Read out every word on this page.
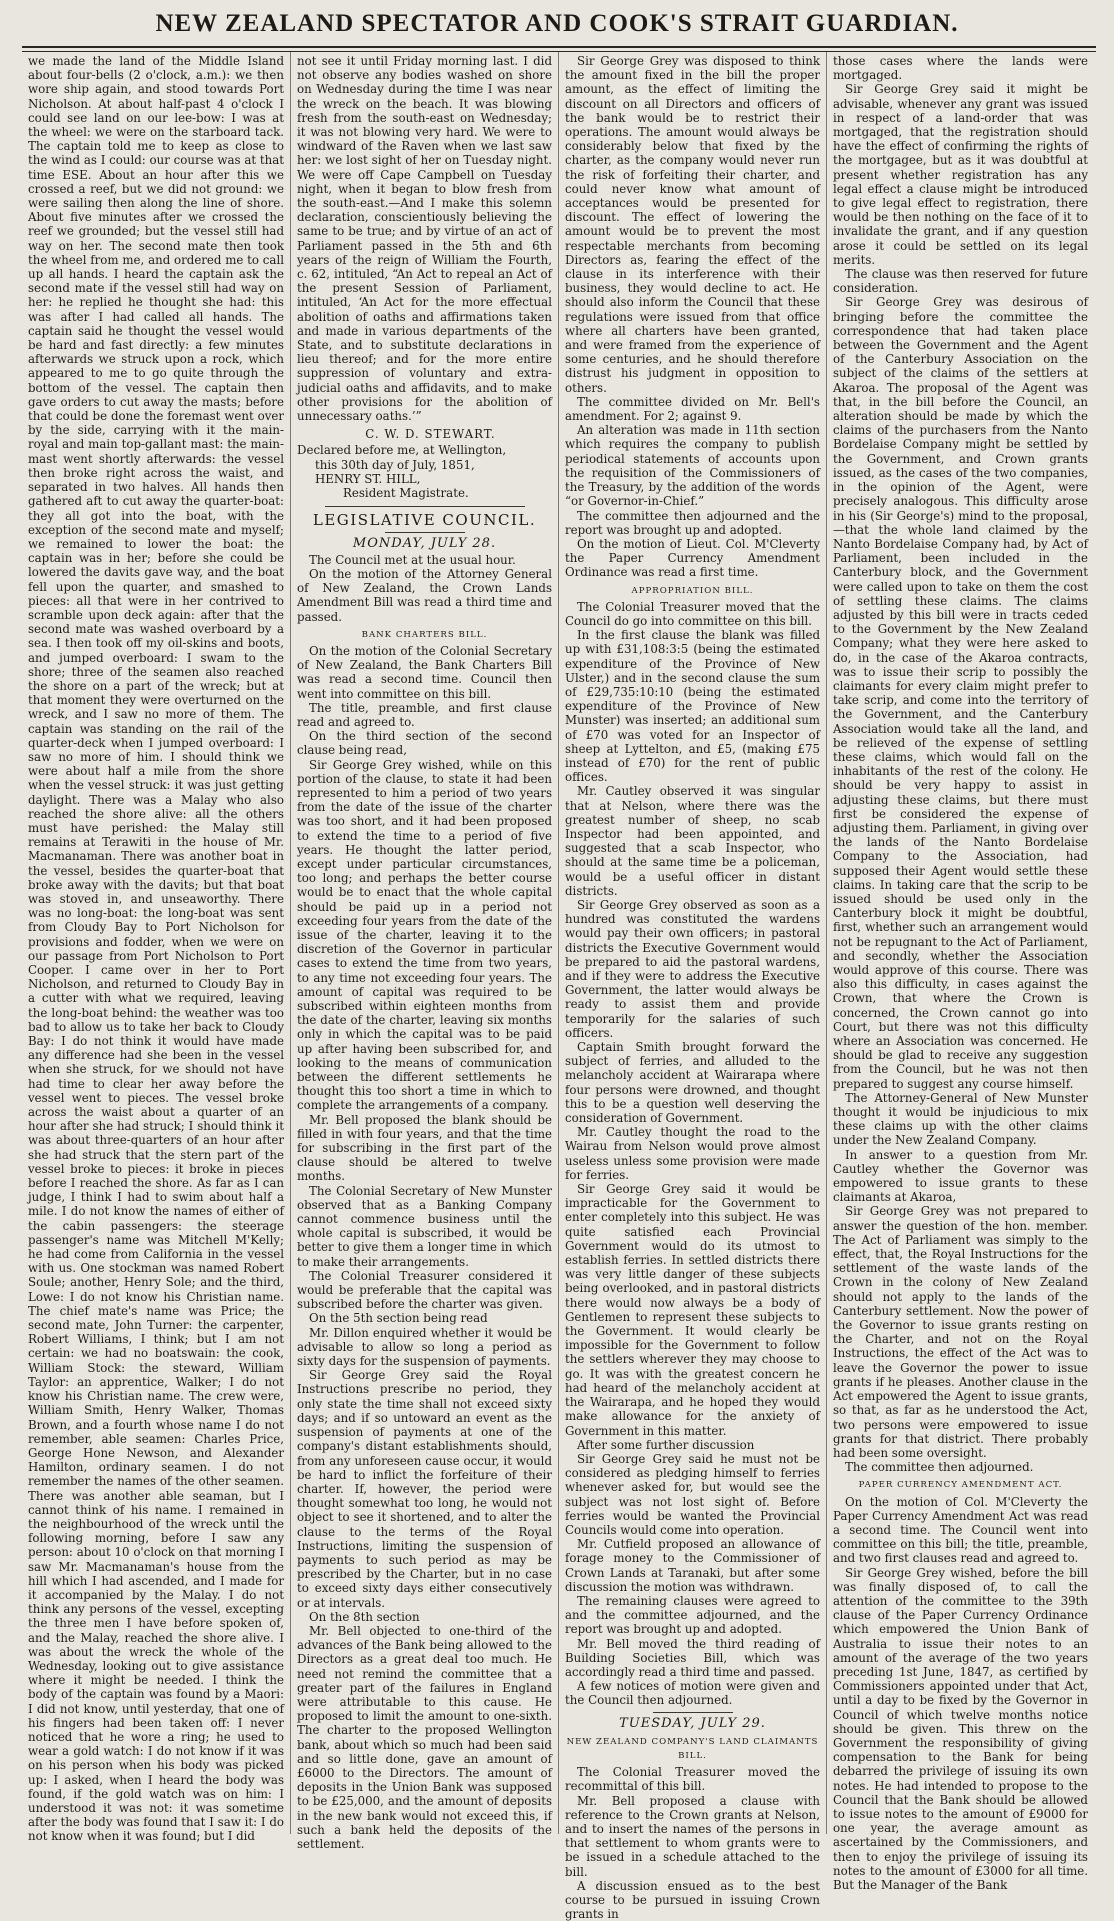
NEW ZEALAND SPECTATOR AND COOK'S STRAIT GUARDIAN.

we made the land of the Middle Island about four-bells (2 o'clock, a.m.): we then wore ship again, and stood towards Port Nicholson. At about half-past 4 o'clock I could see land on our lee-bow: I was at the wheel: we were on the starboard tack. The captain told me to keep as close to the wind as I could: our course was at that time ESE. About an hour after this we crossed a reef, but we did not ground: we were sailing then along the line of shore. About five minutes after we crossed the reef we grounded; but the vessel still had way on her. The second mate then took the wheel from me, and ordered me to call up all hands. I heard the captain ask the second mate if the vessel still had way on her: he replied he thought she had: this was after I had called all hands. The captain said he thought the vessel would be hard and fast directly: a few minutes afterwards we struck upon a rock, which appeared to me to go quite through the bottom of the vessel. The captain then gave orders to cut away the masts; before that could be done the foremast went over by the side, carrying with it the main-royal and main top-gallant mast: the main-mast went shortly afterwards: the vessel then broke right across the waist, and separated in two halves. All hands then gathered aft to cut away the quarter-boat: they all got into the boat, with the exception of the second mate and myself; we remained to lower the boat: the captain was in her; before she could be lowered the davits gave way, and the boat fell upon the quarter, and smashed to pieces: all that were in her contrived to scramble upon deck again: after that the second mate was washed overboard by a sea. I then took off my oil-skins and boots, and jumped overboard: I swam to the shore; three of the seamen also reached the shore on a part of the wreck; but at that moment they were overturned on the wreck, and I saw no more of them. The captain was standing on the rail of the quarter-deck when I jumped overboard: I saw no more of him. I should think we were about half a mile from the shore when the vessel struck: it was just getting daylight. There was a Malay who also reached the shore alive: all the others must have perished: the Malay still remains at Terawiti in the house of Mr. Macmanaman. There was another boat in the vessel, besides the quarter-boat that broke away with the davits; but that boat was stoved in, and unseaworthy. There was no long-boat: the long-boat was sent from Cloudy Bay to Port Nicholson for provisions and fodder, when we were on our passage from Port Nicholson to Port Cooper. I came over in her to Port Nicholson, and returned to Cloudy Bay in a cutter with what we required, leaving the long-boat behind: the weather was too bad to allow us to take her back to Cloudy Bay: I do not think it would have made any difference had she been in the vessel when she struck, for we should not have had time to clear her away before the vessel went to pieces. The vessel broke across the waist about a quarter of an hour after she had struck; I should think it was about three-quarters of an hour after she had struck that the stern part of the vessel broke to pieces: it broke in pieces before I reached the shore. As far as I can judge, I think I had to swim about half a mile. I do not know the names of either of the cabin passengers: the steerage passenger's name was Mitchell M'Kelly; he had come from California in the vessel with us. One stockman was named Robert Soule; another, Henry Sole; and the third, Lowe: I do not know his Christian name. The chief mate's name was Price; the second mate, John Turner: the carpenter, Robert Williams, I think; but I am not certain: we had no boatswain: the cook, William Stock: the steward, William Taylor: an apprentice, Walker; I do not know his Christian name. The crew were, William Smith, Henry Walker, Thomas Brown, and a fourth whose name I do not remember, able seamen: Charles Price, George Hone Newson, and Alexander Hamilton, ordinary seamen. I do not remember the names of the other seamen. There was another able seaman, but I cannot think of his name. I remained in the neighbourhood of the wreck until the following morning, before I saw any person: about 10 o'clock on that morning I saw Mr. Macmanaman's house from the hill which I had ascended, and I made for it accompanied by the Malay. I do not think any persons of the vessel, excepting the three men I have before spoken of, and the Malay, reached the shore alive. I was about the wreck the whole of the Wednesday, looking out to give assistance where it might be needed. I think the body of the captain was found by a Maori: I did not know, until yesterday, that one of his fingers had been taken off: I never noticed that he wore a ring; he used to wear a gold watch: I do not know if it was on his person when his body was picked up: I asked, when I heard the body was found, if the gold watch was on him: I understood it was not: it was sometime after the body was found that I saw it: I do not know when it was found; but I did

not see it until Friday morning last. I did not observe any bodies washed on shore on Wednesday during the time I was near the wreck on the beach. It was blowing fresh from the south-east on Wednesday; it was not blowing very hard. We were to windward of the Raven when we last saw her: we lost sight of her on Tuesday night. We were off Cape Campbell on Tuesday night, when it began to blow fresh from the south-east.—And I make this solemn declaration, conscientiously believing the same to be true; and by virtue of an act of Parliament passed in the 5th and 6th years of the reign of William the Fourth, c. 62, intituled, “An Act to repeal an Act of the present Session of Parliament, intituled, ‘An Act for the more effectual abolition of oaths and affirmations taken and made in various departments of the State, and to substitute declarations in lieu thereof; and for the more entire suppression of voluntary and extra-judicial oaths and affidavits, and to make other provisions for the abolition of unnecessary oaths.’”

C. W. D. STEWART.

Declared before me, at Wellington,

this 30th day of July, 1851,

HENRY ST. HILL,

Resident Magistrate.

LEGISLATIVE COUNCIL.

MONDAY, JULY 28.

The Council met at the usual hour.

On the motion of the Attorney General of New Zealand, the Crown Lands Amendment Bill was read a third time and passed.

BANK CHARTERS BILL.

On the motion of the Colonial Secretary of New Zealand, the Bank Charters Bill was read a second time. Council then went into committee on this bill.

The title, preamble, and first clause read and agreed to.

On the third section of the second clause being read,

Sir George Grey wished, while on this portion of the clause, to state it had been represented to him a period of two years from the date of the issue of the charter was too short, and it had been proposed to extend the time to a period of five years. He thought the latter period, except under particular circumstances, too long; and perhaps the better course would be to enact that the whole capital should be paid up in a period not exceeding four years from the date of the issue of the charter, leaving it to the discretion of the Governor in particular cases to extend the time from two years, to any time not exceeding four years. The amount of capital was required to be subscribed within eighteen months from the date of the charter, leaving six months only in which the capital was to be paid up after having been subscribed for, and looking to the means of communication between the different settlements he thought this too short a time in which to complete the arrangements of a company.

Mr. Bell proposed the blank should be filled in with four years, and that the time for subscribing in the first part of the clause should be altered to twelve months.

The Colonial Secretary of New Munster observed that as a Banking Company cannot commence business until the whole capital is subscribed, it would be better to give them a longer time in which to make their arrangements.

The Colonial Treasurer considered it would be preferable that the capital was subscribed before the charter was given.

On the 5th section being read

Mr. Dillon enquired whether it would be advisable to allow so long a period as sixty days for the suspension of payments.

Sir George Grey said the Royal Instructions prescribe no period, they only state the time shall not exceed sixty days; and if so untoward an event as the suspension of payments at one of the company's distant establishments should, from any unforeseen cause occur, it would be hard to inflict the forfeiture of their charter. If, however, the period were thought somewhat too long, he would not object to see it shortened, and to alter the clause to the terms of the Royal Instructions, limiting the suspension of payments to such period as may be prescribed by the Charter, but in no case to exceed sixty days either consecutively or at intervals.

On the 8th section

Mr. Bell objected to one-third of the advances of the Bank being allowed to the Directors as a great deal too much. He need not remind the committee that a greater part of the failures in England were attributable to this cause. He proposed to limit the amount to one-sixth. The charter to the proposed Wellington bank, about which so much had been said and so little done, gave an amount of £6000 to the Directors. The amount of deposits in the Union Bank was supposed to be £25,000, and the amount of deposits in the new bank would not exceed this, if such a bank held the deposits of the settlement.

Sir George Grey was disposed to think the amount fixed in the bill the proper amount, as the effect of limiting the discount on all Directors and officers of the bank would be to restrict their operations. The amount would always be considerably below that fixed by the charter, as the company would never run the risk of forfeiting their charter, and could never know what amount of acceptances would be presented for discount. The effect of lowering the amount would be to prevent the most respectable merchants from becoming Directors as, fearing the effect of the clause in its interference with their business, they would decline to act. He should also inform the Council that these regulations were issued from that office where all charters have been granted, and were framed from the experience of some centuries, and he should therefore distrust his judgment in opposition to others.

The committee divided on Mr. Bell's amendment. For 2; against 9.

An alteration was made in 11th section which requires the company to publish periodical statements of accounts upon the requisition of the Commissioners of the Treasury, by the addition of the words “or Governor-in-Chief.”

The committee then adjourned and the report was brought up and adopted.

On the motion of Lieut. Col. M'Cleverty the Paper Currency Amendment Ordinance was read a first time.

APPROPRIATION BILL.

The Colonial Treasurer moved that the Council do go into committee on this bill.

In the first clause the blank was filled up with £31,108:3:5 (being the estimated expenditure of the Province of New Ulster,) and in the second clause the sum of £29,735:10:10 (being the estimated expenditure of the Province of New Munster) was inserted; an additional sum of £70 was voted for an Inspector of sheep at Lyttelton, and £5, (making £75 instead of £70) for the rent of public offices.

Mr. Cautley observed it was singular that at Nelson, where there was the greatest number of sheep, no scab Inspector had been appointed, and suggested that a scab Inspector, who should at the same time be a policeman, would be a useful officer in distant districts.

Sir George Grey observed as soon as a hundred was constituted the wardens would pay their own officers; in pastoral districts the Executive Government would be prepared to aid the pastoral wardens, and if they were to address the Executive Government, the latter would always be ready to assist them and provide temporarily for the salaries of such officers.

Captain Smith brought forward the subject of ferries, and alluded to the melancholy accident at Wairarapa where four persons were drowned, and thought this to be a question well deserving the consideration of Government.

Mr. Cautley thought the road to the Wairau from Nelson would prove almost useless unless some provision were made for ferries.

Sir George Grey said it would be impracticable for the Government to enter completely into this subject. He was quite satisfied each Provincial Government would do its utmost to establish ferries. In settled districts there was very little danger of these subjects being overlooked, and in pastoral districts there would now always be a body of Gentlemen to represent these subjects to the Government. It would clearly be impossible for the Government to follow the settlers wherever they may choose to go. It was with the greatest concern he had heard of the melancholy accident at the Wairarapa, and he hoped they would make allowance for the anxiety of Government in this matter.

After some further discussion

Sir George Grey said he must not be considered as pledging himself to ferries whenever asked for, but would see the subject was not lost sight of. Before ferries would be wanted the Provincial Councils would come into operation.

Mr. Cutfield proposed an allowance of forage money to the Commissioner of Crown Lands at Taranaki, but after some discussion the motion was withdrawn.

The remaining clauses were agreed to and the committee adjourned, and the report was brought up and adopted.

Mr. Bell moved the third reading of Building Societies Bill, which was accordingly read a third time and passed.

A few notices of motion were given and the Council then adjourned.

TUESDAY, JULY 29.

NEW ZEALAND COMPANY'S LAND CLAIMANTS BILL.

The Colonial Treasurer moved the recommittal of this bill.

Mr. Bell proposed a clause with reference to the Crown grants at Nelson, and to insert the names of the persons in that settlement to whom grants were to be issued in a schedule attached to the bill.

A discussion ensued as to the best course to be pursued in issuing Crown grants in

those cases where the lands were mortgaged.

Sir George Grey said it might be advisable, whenever any grant was issued in respect of a land-order that was mortgaged, that the registration should have the effect of confirming the rights of the mortgagee, but as it was doubtful at present whether registration has any legal effect a clause might be introduced to give legal effect to registration, there would be then nothing on the face of it to invalidate the grant, and if any question arose it could be settled on its legal merits.

The clause was then reserved for future consideration.

Sir George Grey was desirous of bringing before the committee the correspondence that had taken place between the Government and the Agent of the Canterbury Association on the subject of the claims of the settlers at Akaroa. The proposal of the Agent was that, in the bill before the Council, an alteration should be made by which the claims of the purchasers from the Nanto Bordelaise Company might be settled by the Government, and Crown grants issued, as the cases of the two companies, in the opinion of the Agent, were precisely analogous. This difficulty arose in his (Sir George's) mind to the proposal,—that the whole land claimed by the Nanto Bordelaise Company had, by Act of Parliament, been included in the Canterbury block, and the Government were called upon to take on them the cost of settling these claims. The claims adjusted by this bill were in tracts ceded to the Government by the New Zealand Company; what they were here asked to do, in the case of the Akaroa contracts, was to issue their scrip to possibly the claimants for every claim might prefer to take scrip, and come into the territory of the Government, and the Canterbury Association would take all the land, and be relieved of the expense of settling these claims, which would fall on the inhabitants of the rest of the colony. He should be very happy to assist in adjusting these claims, but there must first be considered the expense of adjusting them. Parliament, in giving over the lands of the Nanto Bordelaise Company to the Association, had supposed their Agent would settle these claims. In taking care that the scrip to be issued should be used only in the Canterbury block it might be doubtful, first, whether such an arrangement would not be repugnant to the Act of Parliament, and secondly, whether the Association would approve of this course. There was also this difficulty, in cases against the Crown, that where the Crown is concerned, the Crown cannot go into Court, but there was not this difficulty where an Association was concerned. He should be glad to receive any suggestion from the Council, but he was not then prepared to suggest any course himself.

The Attorney-General of New Munster thought it would be injudicious to mix these claims up with the other claims under the New Zealand Company.

In answer to a question from Mr. Cautley whether the Governor was empowered to issue grants to these claimants at Akaroa,

Sir George Grey was not prepared to answer the question of the hon. member. The Act of Parliament was simply to the effect, that, the Royal Instructions for the settlement of the waste lands of the Crown in the colony of New Zealand should not apply to the lands of the Canterbury settlement. Now the power of the Governor to issue grants resting on the Charter, and not on the Royal Instructions, the effect of the Act was to leave the Governor the power to issue grants if he pleases. Another clause in the Act empowered the Agent to issue grants, so that, as far as he understood the Act, two persons were empowered to issue grants for that district. There probably had been some oversight.

The committee then adjourned.

PAPER CURRENCY AMENDMENT ACT.

On the motion of Col. M'Cleverty the Paper Currency Amendment Act was read a second time. The Council went into committee on this bill; the title, preamble, and two first clauses read and agreed to.

Sir George Grey wished, before the bill was finally disposed of, to call the attention of the committee to the 39th clause of the Paper Currency Ordinance which empowered the Union Bank of Australia to issue their notes to an amount of the average of the two years preceding 1st June, 1847, as certified by Commissioners appointed under that Act, until a day to be fixed by the Governor in Council of which twelve months notice should be given. This threw on the Government the responsibility of giving compensation to the Bank for being debarred the privilege of issuing its own notes. He had intended to propose to the Council that the Bank should be allowed to issue notes to the amount of £9000 for one year, the average amount as ascertained by the Commissioners, and then to enjoy the privilege of issuing its notes to the amount of £3000 for all time. But the Manager of the Bank
